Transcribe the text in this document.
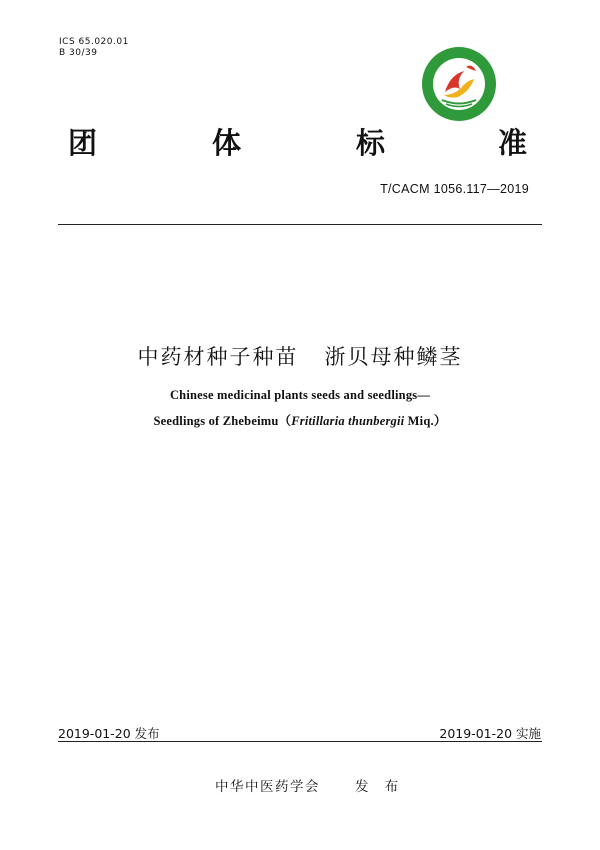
ICS 65.020.01
B 30/39
团	体	标	准
T/CACM 1056.117—2019
中药材种子种苗   浙贝母种鳞茎
Chinese medicinal plants seeds and seedlings—
Seedlings of Zhebeimu（Fritillaria thunbergii Miq.）
2019-01-20 发布	2019-01-20 实施
中华中医药学会	发 布
